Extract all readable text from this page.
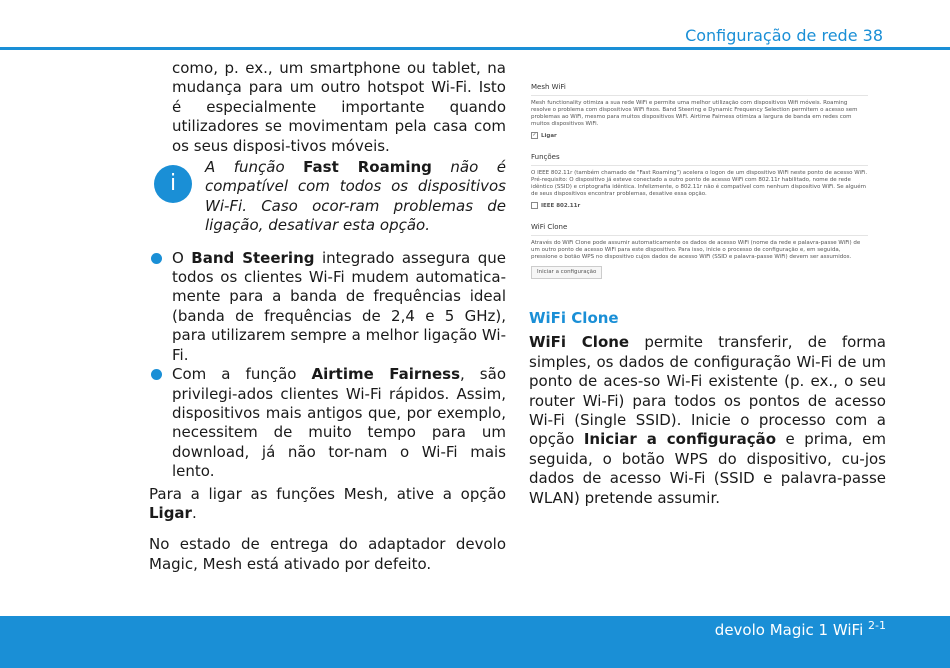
Configuração de rede 38

como, p. ex., um smartphone ou tablet, na mudança para um outro hotspot Wi-Fi. Isto é especialmente importante quando utilizadores se movimentam pela casa com os seus disposi-tivos móveis.

i
A função Fast Roaming não é compatível com todos os dispositivos Wi-Fi. Caso ocor-ram problemas de ligação, desativar esta opção.
O Band Steering integrado assegura que todos os clientes Wi-Fi mudem automatica-mente para a banda de frequências ideal (banda de frequências de 2,4 e 5 GHz), para utilizarem sempre a melhor ligação Wi-Fi.
Com a função Airtime Fairness, são privilegi-ados clientes Wi-Fi rápidos. Assim, dispositivos mais antigos que, por exemplo, necessitem de muito tempo para um download, já não tor-nam o Wi-Fi mais lento.

Para a ligar as funções Mesh, ative a opção Ligar.

No estado de entrega do adaptador devolo Magic, Mesh está ativado por defeito.

Mesh WiFi
Mesh functionality otimiza a sua rede WiFi e permite uma melhor utilização com dispositivos Wifi móveis. Roaming resolve o problema com dispositivos WiFi fixos. Band Steering e Dynamic Frequency Selection permitem o acesso sem problemas ao WiFi, mesmo para muitos dispositivos WiFi. Airtime Fairness otimiza a largura de banda em redes com muitos dispositivos WiFi.
✓ Ligar
Funções
O IEEE 802.11r (também chamado de "Fast Roaming") acelera o logon de um dispositivo WiFi neste ponto de acesso WiFi. Pré-requisito: O dispositivo já esteve conectado a outro ponto de acesso WiFi com 802.11r habilitado, nome de rede idêntico (SSID) e criptografia idêntica. Infelizmente, o 802.11r não é compatível com nenhum dispositivo WiFi. Se alguém de seus dispositivos encontrar problemas, desative essa opção.
IEEE 802.11r
WiFi Clone
Através do WiFi Clone pode assumir automaticamente os dados de acesso WiFi (nome da rede e palavra-passe WiFi) de um outro ponto de acesso WiFi para este dispositivo. Para isso, inicie o processo de configuração e, em seguida, pressione o botão WPS no dispositivo cujos dados de acesso WiFi (SSID e palavra-passe WiFi) devem ser assumidos.
Iniciar a configuração
WiFi Clone

WiFi Clone permite transferir, de forma simples, os dados de configuração Wi-Fi de um ponto de aces-so Wi-Fi existente (p. ex., o seu router Wi-Fi) para todos os pontos de acesso Wi-Fi (Single SSID). Inicie o processo com a opção Iniciar a configuração e prima, em seguida, o botão WPS do dispositivo, cu-jos dados de acesso Wi-Fi (SSID e palavra-passe WLAN) pretende assumir.

devolo Magic 1 WiFi $^{2-1}$
